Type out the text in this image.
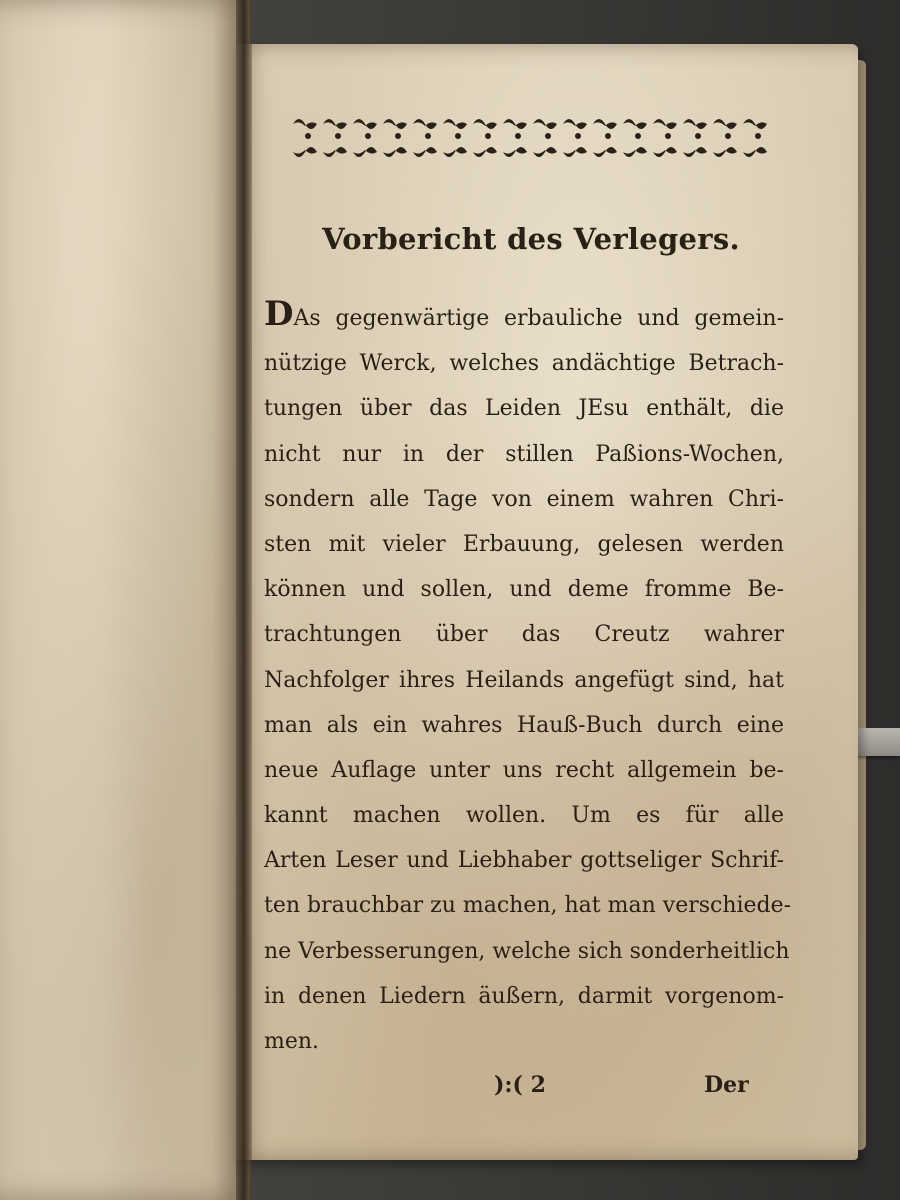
Vorbericht des Verlegers.
DAs gegenwärtige erbauliche und gemein-
nützige Werck, welches andächtige Betrach-
tungen über das Leiden JEsu enthält, die
nicht nur in der stillen Paßions-Wochen,
sondern alle Tage von einem wahren Chri-
sten mit vieler Erbauung, gelesen werden
können und sollen, und deme fromme Be-
trachtungen über das Creutz wahrer
Nachfolger ihres Heilands angefügt sind, hat
man als ein wahres Hauß-Buch durch eine
neue Auflage unter uns recht allgemein be-
kannt machen wollen. Um es für alle
Arten Leser und Liebhaber gottseliger Schrif-
ten brauchbar zu machen, hat man verschiede-
ne Verbesserungen, welche sich sonderheitlich
in denen Liedern äußern, darmit vorgenom-
men.
):( 2	Der
